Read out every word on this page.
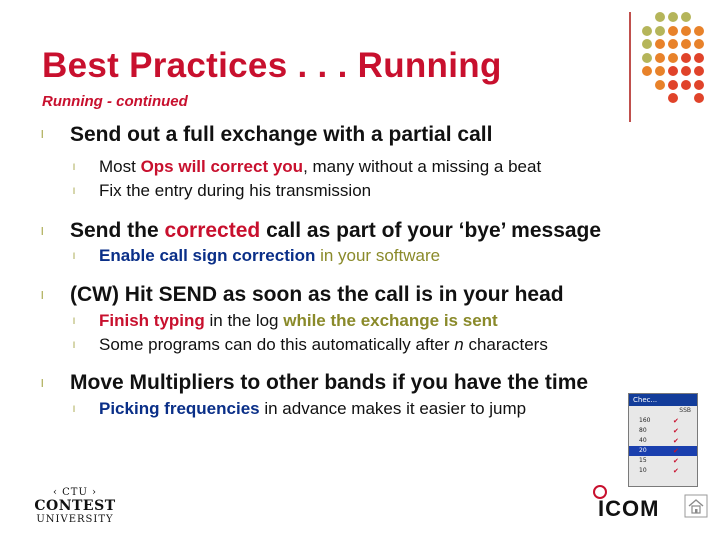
Best Practices . . . Running
Running - continued
l Send out a full exchange with a partial call
l Most Ops will correct you, many without a missing a beat
l Fix the entry during his transmission
l Send the corrected call as part of your ‘bye’ message
l Enable call sign correction in your software
l (CW) Hit SEND as soon as the call is in your head
l Finish typing in the log while the exchange is sent
l Some programs can do this automatically after n characters
l Move Multipliers to other bands if you have the time
l Picking frequencies in advance makes it easier to jump	Chec...
SSB
160	✔
80	✔
40	✔
20	✔
15	✔
10	✔
‹ CTU ›
CONTEST
UNIVERSITY	ICOM
